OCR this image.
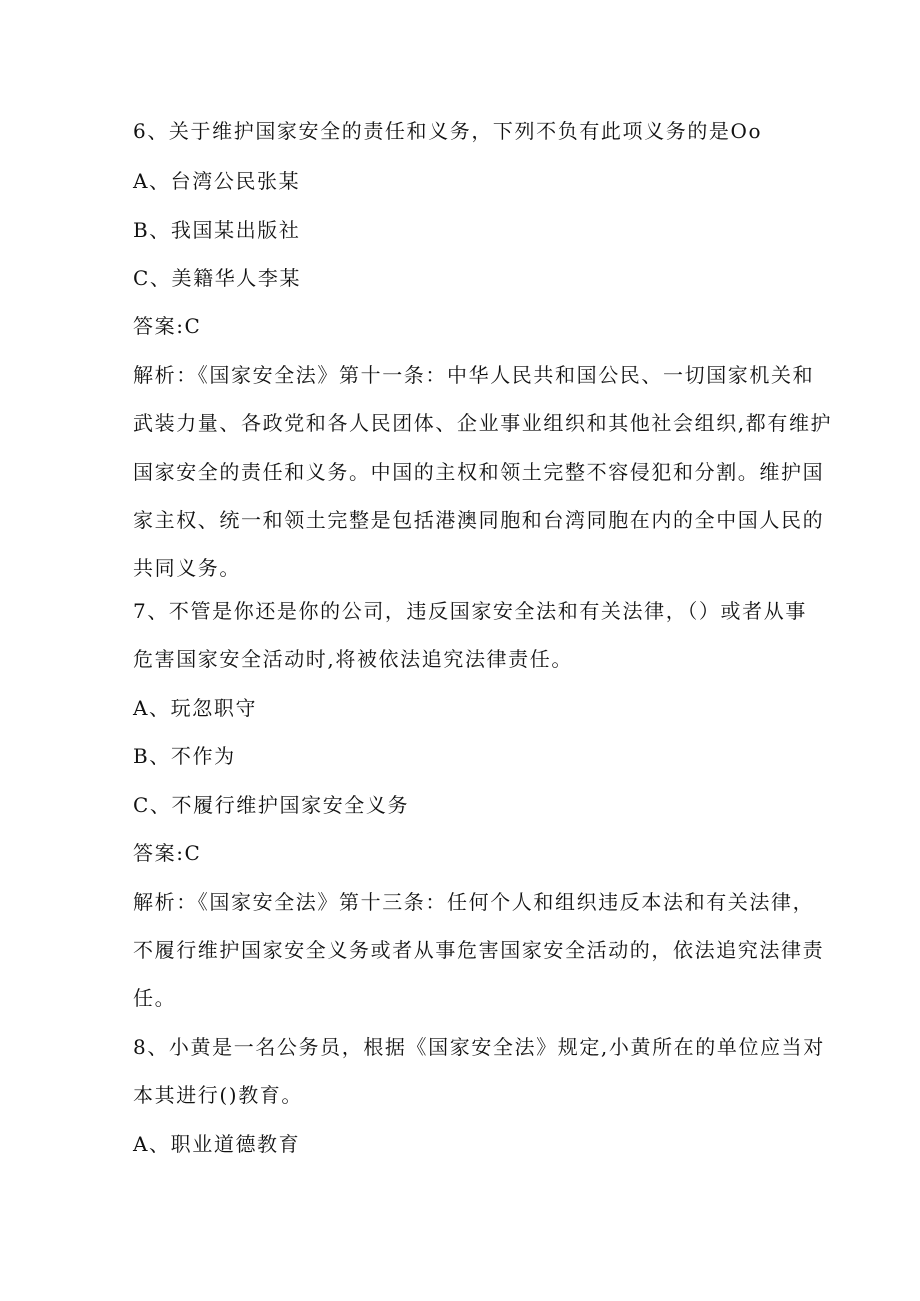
6、关于维护国家安全的责任和义务，下列不负有此项义务的是Oo
A、台湾公民张某
B、我国某出版社
C、美籍华人李某
答案:C
解析：《国家安全法》第十一条：中华人民共和国公民、一切国家机关和
武装力量、各政党和各人民团体、企业事业组织和其他社会组织,都有维护
国家安全的责任和义务。中国的主权和领土完整不容侵犯和分割。维护国
家主权、统一和领土完整是包括港澳同胞和台湾同胞在内的全中国人民的
共同义务。
7、不管是你还是你的公司，违反国家安全法和有关法律，（）或者从事
危害国家安全活动时,将被依法追究法律责任。
A、玩忽职守
B、不作为
C、不履行维护国家安全义务
答案:C
解析：《国家安全法》第十三条：任何个人和组织违反本法和有关法律，
不履行维护国家安全义务或者从事危害国家安全活动的，依法追究法律责
任。
8、小黄是一名公务员，根据《国家安全法》规定,小黄所在的单位应当对
本其进行()教育。
A、职业道德教育
